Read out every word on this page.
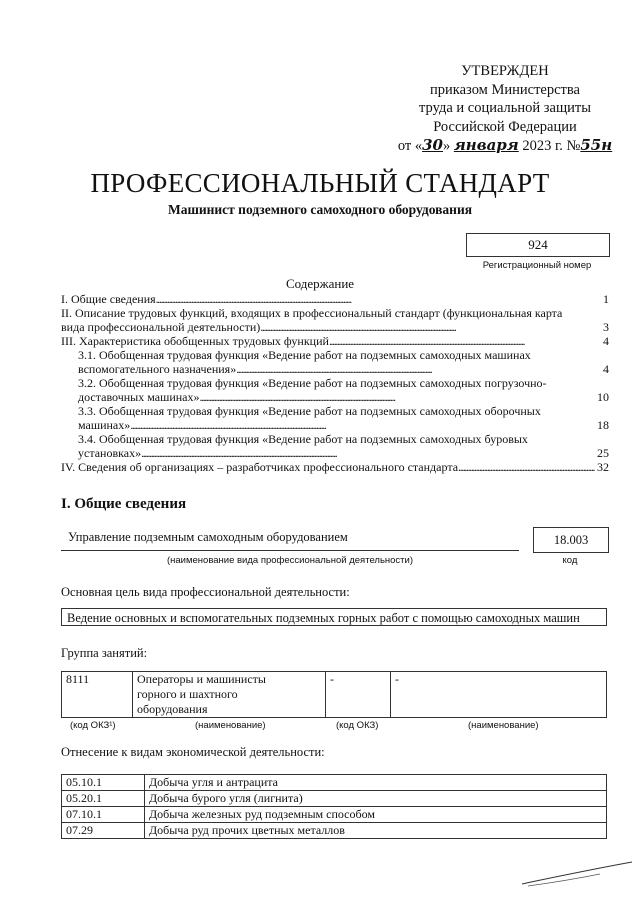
УТВЕРЖДЕН
приказом Министерства
труда и социальной защиты
Российской Федерации
от «30» января 2023 г. №55н
ПРОФЕССИОНАЛЬНЫЙ СТАНДАРТ
Машинист подземного самоходного оборудования
924
Регистрационный номер
Содержание
I. Общие сведения . . .	1
II. Описание трудовых функций, входящих в профессиональный стандарт (функциональная карта
вида профессиональной деятельности) . . .	3
III. Характеристика обобщенных трудовых функций . . .	4
3.1. Обобщенная трудовая функция «Ведение работ на подземных самоходных машинах
вспомогательного назначения» . . .	4
3.2. Обобщенная трудовая функция «Ведение работ на подземных самоходных погрузочно-
доставочных машинах» . . .	10
3.3. Обобщенная трудовая функция «Ведение работ на подземных самоходных оборочных
машинах» . . .	18
3.4. Обобщенная трудовая функция «Ведение работ на подземных самоходных буровых
установках» . . .	25
IV. Сведения об организациях – разработчиках профессионального стандарта . . .	32
I. Общие сведения
Управление подземным самоходным оборудованием
(наименование вида профессиональной деятельности)
18.003
код
Основная цель вида профессиональной деятельности:
Ведение основных и вспомогательных подземных горных работ с помощью самоходных машин
Группа занятий:
8111	Операторы и машинисты
горного и шахтного
оборудования
	-	-
(код ОКЗ¹)	(наименование)	(код ОКЗ)	(наименование)
Отнесение к видам экономической деятельности:
05.10.1	Добыча угля и антрацита
05.20.1	Добыча бурого угля (лигнита)
07.10.1	Добыча железных руд подземным способом
07.29	Добыча руд прочих цветных металлов
